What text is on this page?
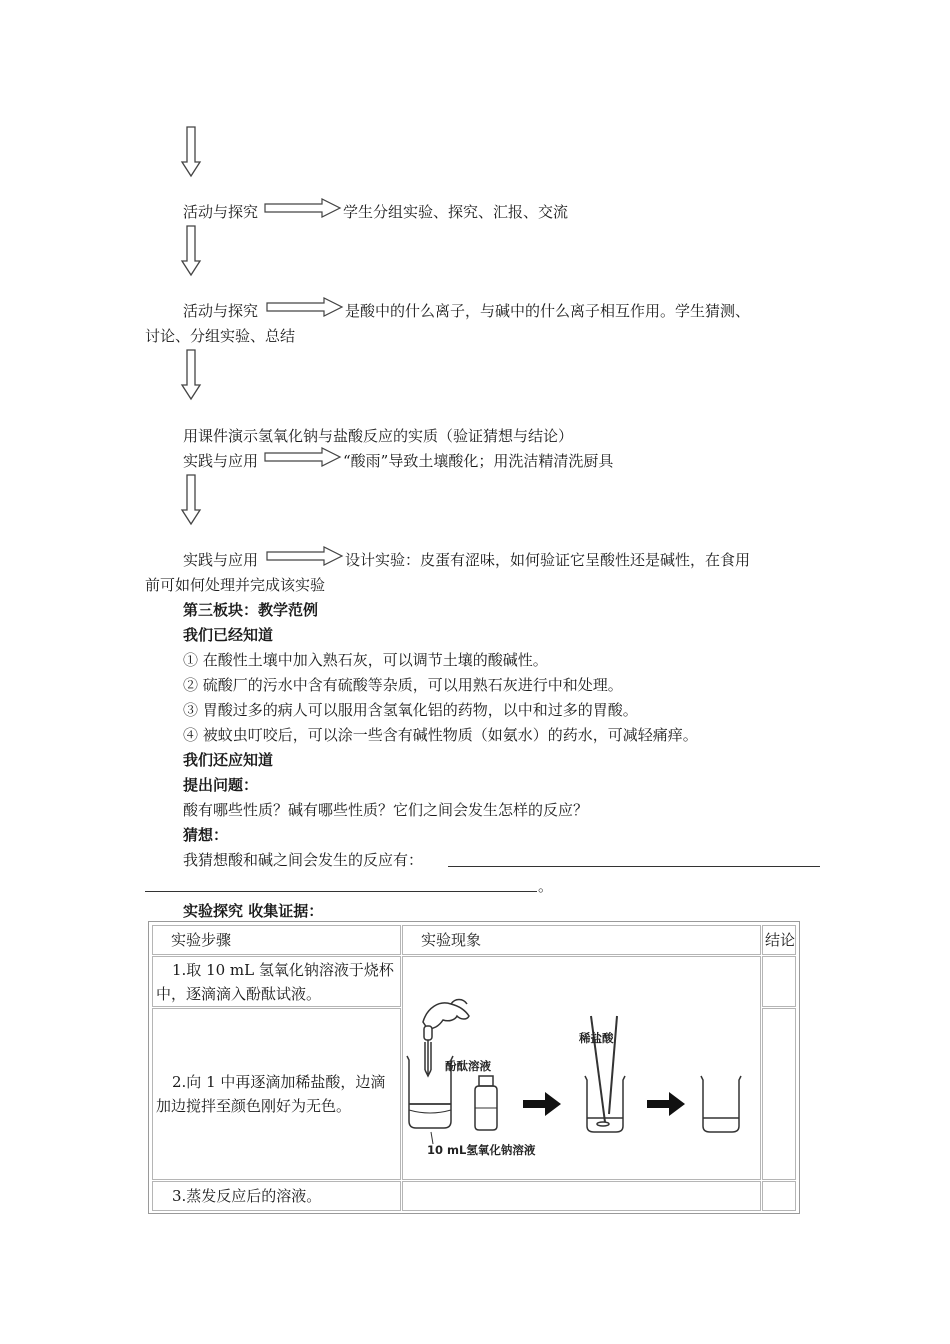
活动与探究	学生分组实验、探究、汇报、交流
活动与探究	是酸中的什么离子，与碱中的什么离子相互作用。学生猜测、
讨论、分组实验、总结
用课件演示氢氧化钠与盐酸反应的实质（验证猜想与结论）
实践与应用	“酸雨”导致土壤酸化；用洗洁精清洗厨具
实践与应用	设计实验：皮蛋有涩味，如何验证它呈酸性还是碱性，在食用
前可如何处理并完成该实验
第三板块：教学范例
我们已经知道
① 在酸性土壤中加入熟石灰，可以调节土壤的酸碱性。
② 硫酸厂的污水中含有硫酸等杂质，可以用熟石灰进行中和处理。
③ 胃酸过多的病人可以服用含氢氧化铝的药物，以中和过多的胃酸。
④ 被蚊虫叮咬后，可以涂一些含有碱性物质（如氨水）的药水，可减轻痛痒。
我们还应知道
提出问题：
酸有哪些性质？碱有哪些性质？它们之间会发生怎样的反应？
猜想：
我猜想酸和碱之间会发生的反应有：
。
实验探究 收集证据：
实验步骤	实验现象	结论
1.取 10 mL 氢氧化钠溶液于烧杯中，逐滴滴入酚酞试液。
2.向 1 中再逐滴加稀盐酸，边滴加边搅拌至颜色刚好为无色。
3.蒸发反应后的溶液。
酚酞溶液
稀盐酸
10 mL氢氧化钠溶液
